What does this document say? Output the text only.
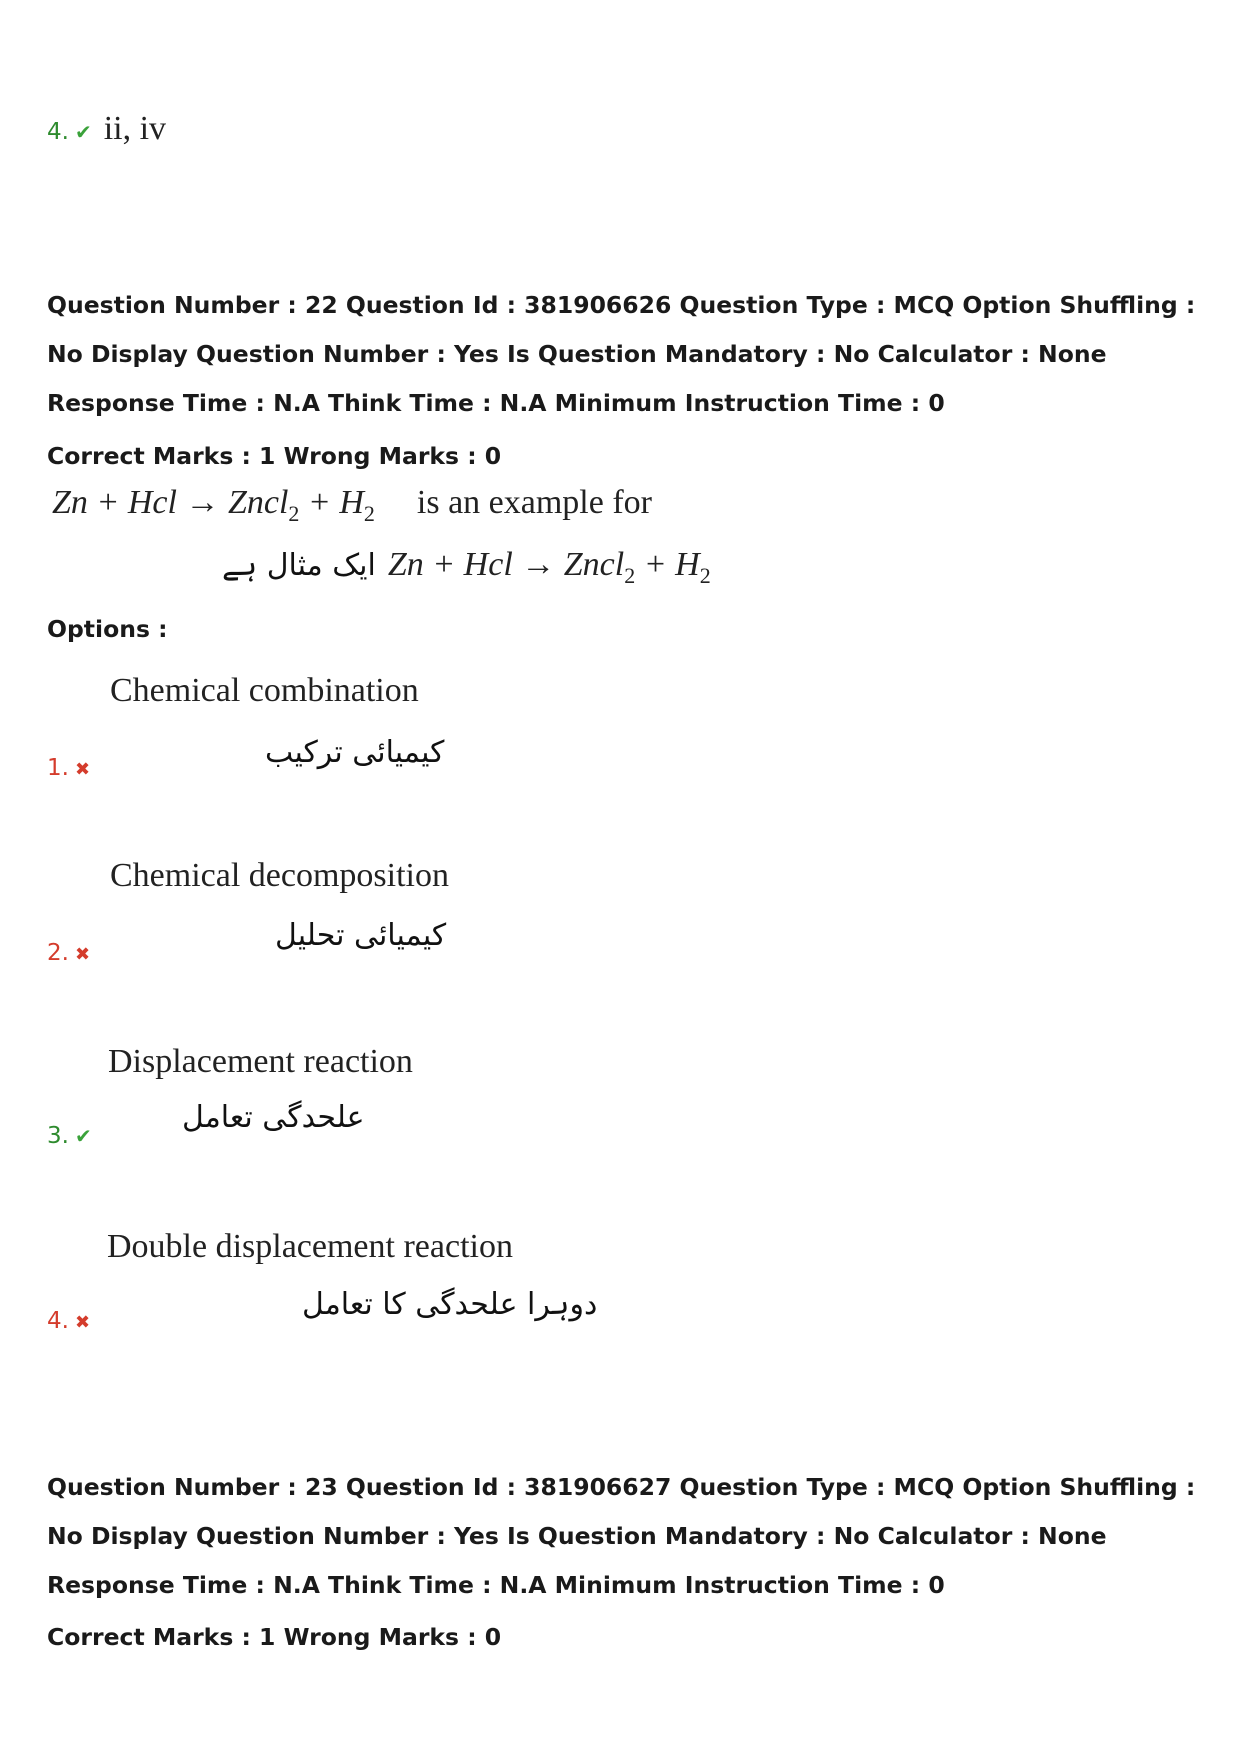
4. ✔ ii, iv
Question Number : 22 Question Id : 381906626 Question Type : MCQ Option Shuffling : No Display Question Number : Yes Is Question Mandatory : No Calculator : None Response Time : N.A Think Time : N.A Minimum Instruction Time : 0
Correct Marks : 1 Wrong Marks : 0
Zn + Hcl → Zncl$_2$ + $H_2$ is an example for
ایک مثال ہے Zn + Hcl → Zncl$_2$ + $H_2$
Options :
Chemical combination
کیمیائی ترکیب
1. ✖
Chemical decomposition
کیمیائی تحلیل
2. ✖
Displacement reaction
علحدگی تعامل
3. ✔
Double displacement reaction
دوہرا علحدگی کا تعامل
4. ✖
Question Number : 23 Question Id : 381906627 Question Type : MCQ Option Shuffling : No Display Question Number : Yes Is Question Mandatory : No Calculator : None Response Time : N.A Think Time : N.A Minimum Instruction Time : 0
Correct Marks : 1 Wrong Marks : 0
